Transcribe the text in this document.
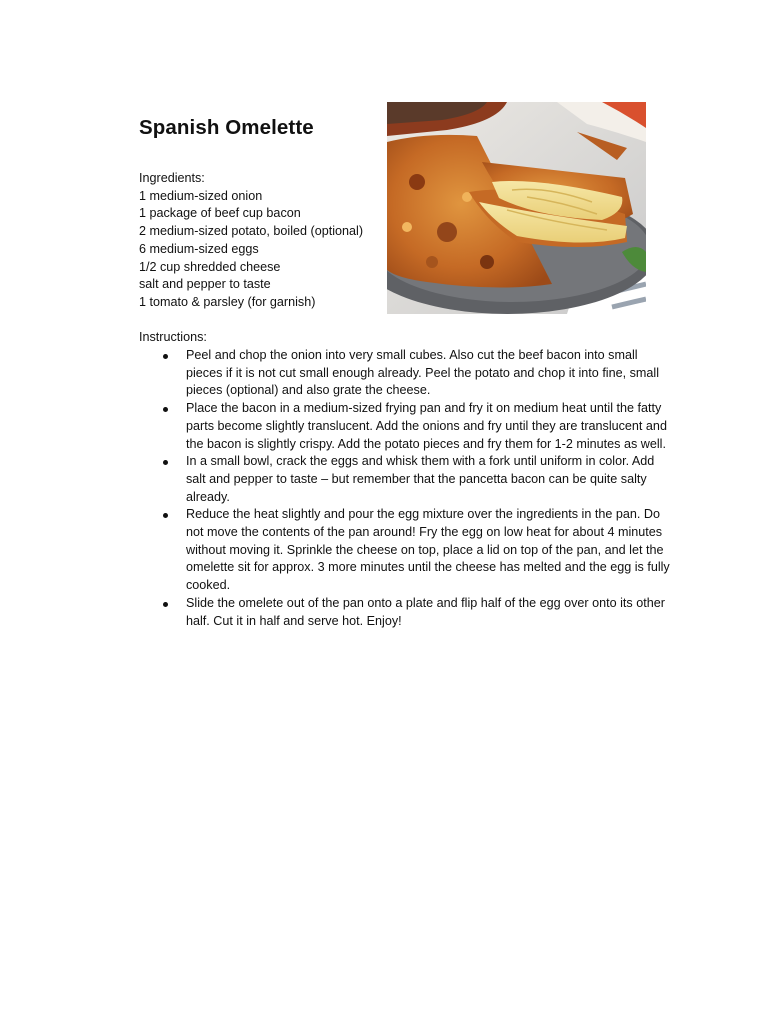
Spanish Omelette
Ingredients:
1 medium-sized onion
1 package of beef cup bacon
2 medium-sized potato, boiled (optional)
6 medium-sized eggs
1/2 cup shredded cheese
salt and pepper to taste
1 tomato & parsley (for garnish)
Instructions:
Peel and chop the onion into very small cubes. Also cut the beef bacon into small pieces if it is not cut small enough already. Peel the potato and chop it into fine, small pieces (optional) and also grate the cheese.
Place the bacon in a medium-sized frying pan and fry it on medium heat until the fatty parts become slightly translucent. Add the onions and fry until they are translucent and the bacon is slightly crispy. Add the potato pieces and fry them for 1-2 minutes as well.
In a small bowl, crack the eggs and whisk them with a fork until uniform in color. Add salt and pepper to taste – but remember that the pancetta bacon can be quite salty already.
Reduce the heat slightly and pour the egg mixture over the ingredients in the pan. Do not move the contents of the pan around! Fry the egg on low heat for about 4 minutes without moving it. Sprinkle the cheese on top, place a lid on top of the pan, and let the omelette sit for approx. 3 more minutes until the cheese has melted and the egg is fully cooked.
Slide the omelete out of the pan onto a plate and flip half of the egg over onto its other half. Cut it in half and serve hot. Enjoy!
